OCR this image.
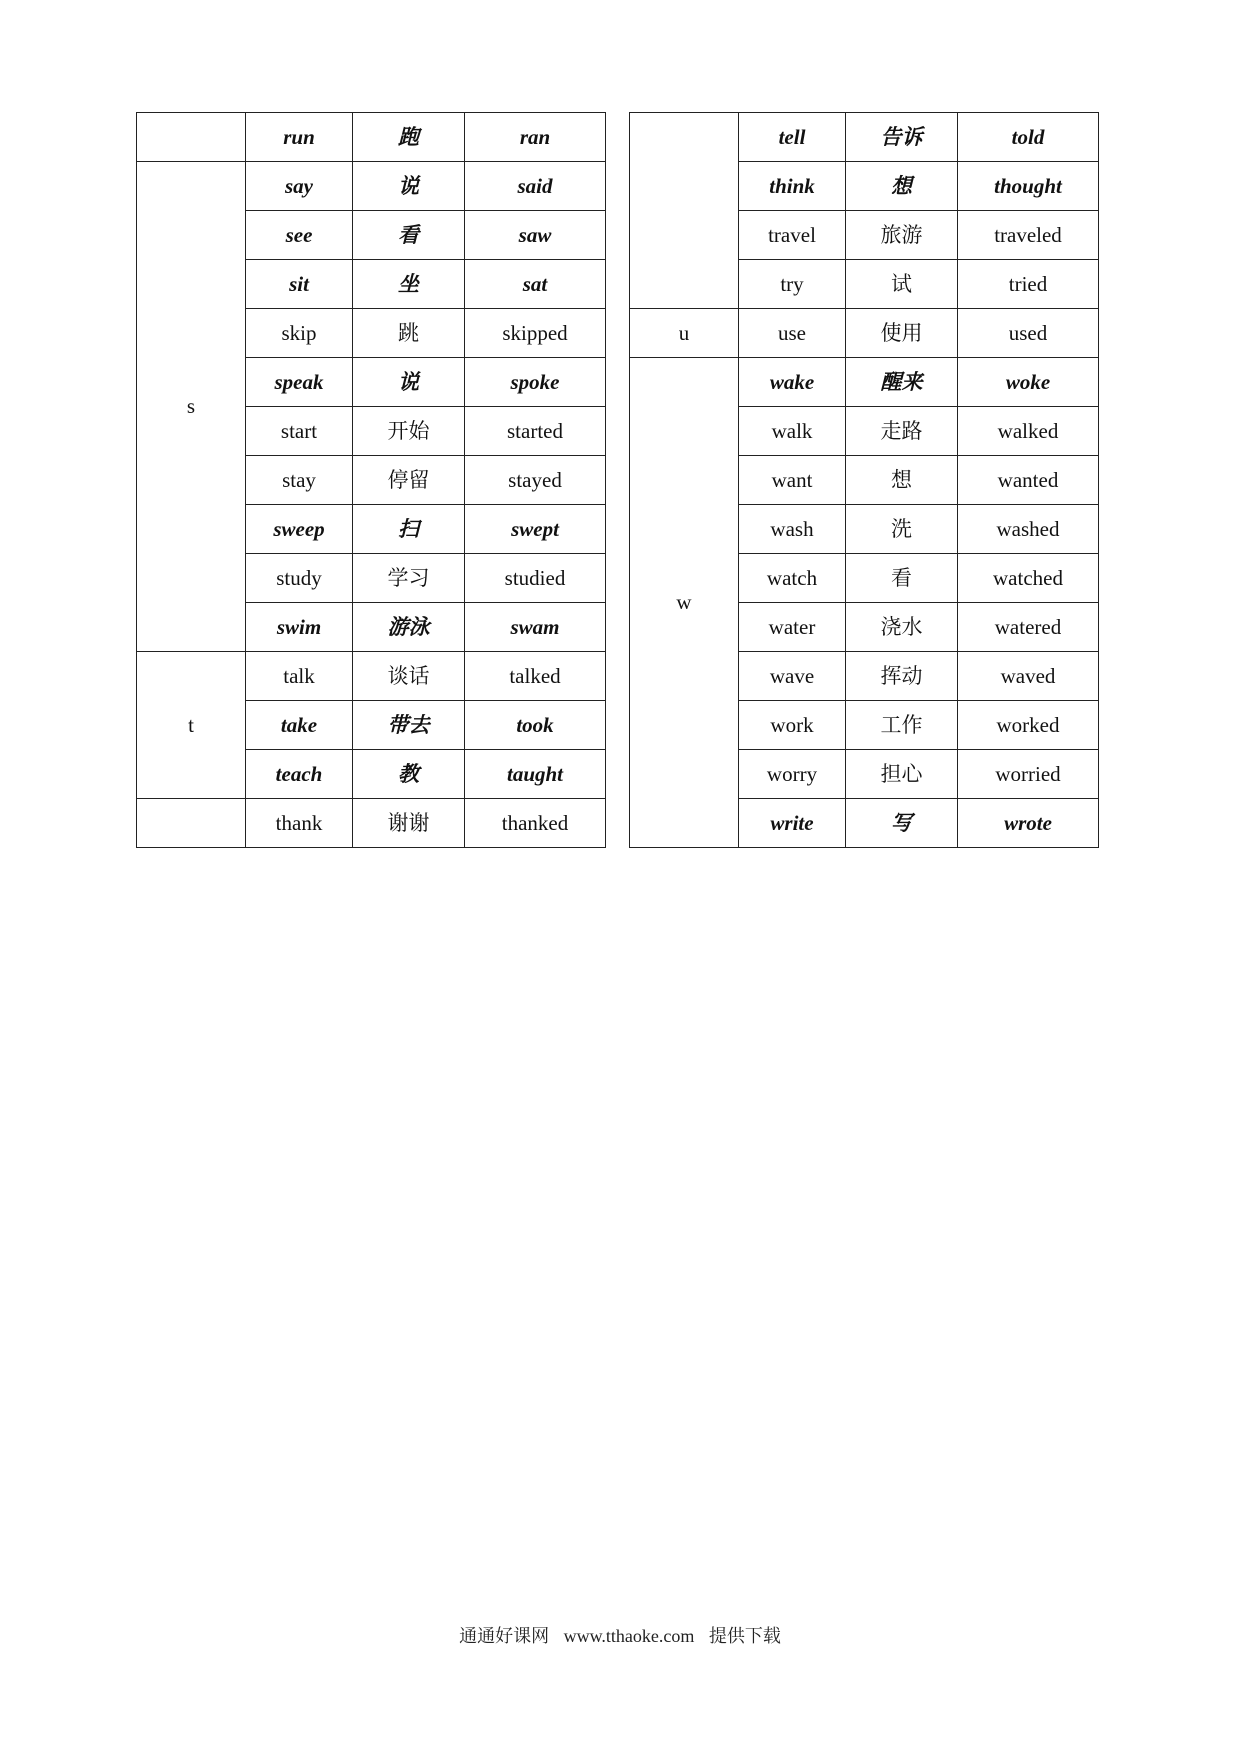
	run	跑	ran
s	say	说	said
	see	看	saw
	sit	坐	sat
	skip	跳	skipped
	speak	说	spoke
	start	开始	started
	stay	停留	stayed
	sweep	扫	swept
	study	学习	studied
	swim	游泳	swam
t	talk	谈话	talked
	take	带去	took
	teach	教	taught
	thank	谢谢	thanked
	tell	告诉	told
	think	想	thought
	travel	旅游	traveled
	try	试	tried
u	use	使用	used
w	wake	醒来	woke
	walk	走路	walked
	want	想	wanted
	wash	洗	washed
	watch	看	watched
	water	浇水	watered
	wave	挥动	waved
	work	工作	worked
	worry	担心	worried
	write	写	wrote
通通好课网 www.tthaoke.com 提供下载
